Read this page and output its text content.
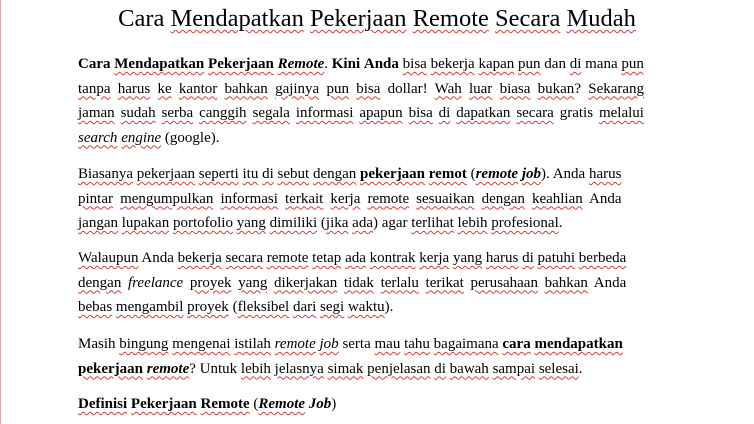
Cara Mendapatkan Pekerjaan Remote Secara Mudah

Cara Mendapatkan Pekerjaan Remote. Kini Anda bisa bekerja kapan pun dan di mana pun
tanpa harus ke kantor bahkan gajinya pun bisa dollar! Wah luar biasa bukan? Sekarang
jaman sudah serba canggih segala informasi apapun bisa di dapatkan secara gratis melalui
search engine (google).

Biasanya pekerjaan seperti itu di sebut dengan pekerjaan remot (remote job). Anda harus
pintar mengumpulkan informasi terkait kerja remote sesuaikan dengan keahlian Anda
jangan lupakan portofolio yang dimiliki (jika ada) agar terlihat lebih profesional.

Walaupun Anda bekerja secara remote tetap ada kontrak kerja yang harus di patuhi berbeda
dengan freelance proyek yang dikerjakan tidak terlalu terikat perusahaan bahkan Anda
bebas mengambil proyek (fleksibel dari segi waktu).

Masih bingung mengenai istilah remote job serta mau tahu bagaimana cara mendapatkan
pekerjaan remote? Untuk lebih jelasnya simak penjelasan di bawah sampai selesai.

Definisi Pekerjaan Remote (Remote Job)
